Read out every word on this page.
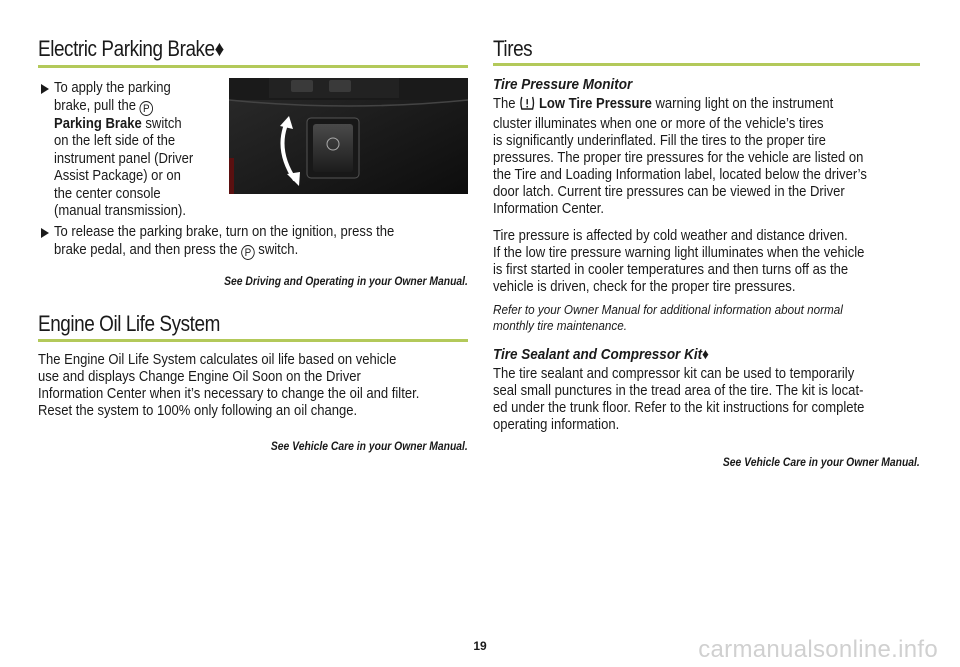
Electric Parking Brake♦
To apply the parking
brake, pull the P
Parking Brake switch
on the left side of the
instrument panel (Driver
Assist Package) or on
the center console
(manual transmission).
To release the parking brake, turn on the ignition, press the
brake pedal, and then press the P switch.
See Driving and Operating in your Owner Manual.
Engine Oil Life System
The Engine Oil Life System calculates oil life based on vehicle
use and displays Change Engine Oil Soon on the Driver
Information Center when it’s necessary to change the oil and filter.
Reset the system to 100% only following an oil change.
See Vehicle Care in your Owner Manual.
Tires
Tire Pressure Monitor
The Low Tire Pressure warning light on the instrument
cluster illuminates when one or more of the vehicle’s tires
is significantly underinflated. Fill the tires to the proper tire
pressures. The proper tire pressures for the vehicle are listed on
the Tire and Loading Information label, located below the driver’s
door latch. Current tire pressures can be viewed in the Driver
Information Center.
Tire pressure is affected by cold weather and distance driven.
If the low tire pressure warning light illuminates when the vehicle
is first started in cooler temperatures and then turns off as the
vehicle is driven, check for the proper tire pressures.
Refer to your Owner Manual for additional information about normal
monthly tire maintenance.
Tire Sealant and Compressor Kit♦
The tire sealant and compressor kit can be used to temporarily
seal small punctures in the tread area of the tire. The kit is locat-
ed under the trunk floor. Refer to the kit instructions for complete
operating information.
See Vehicle Care in your Owner Manual.
19	carmanualsonline.info
